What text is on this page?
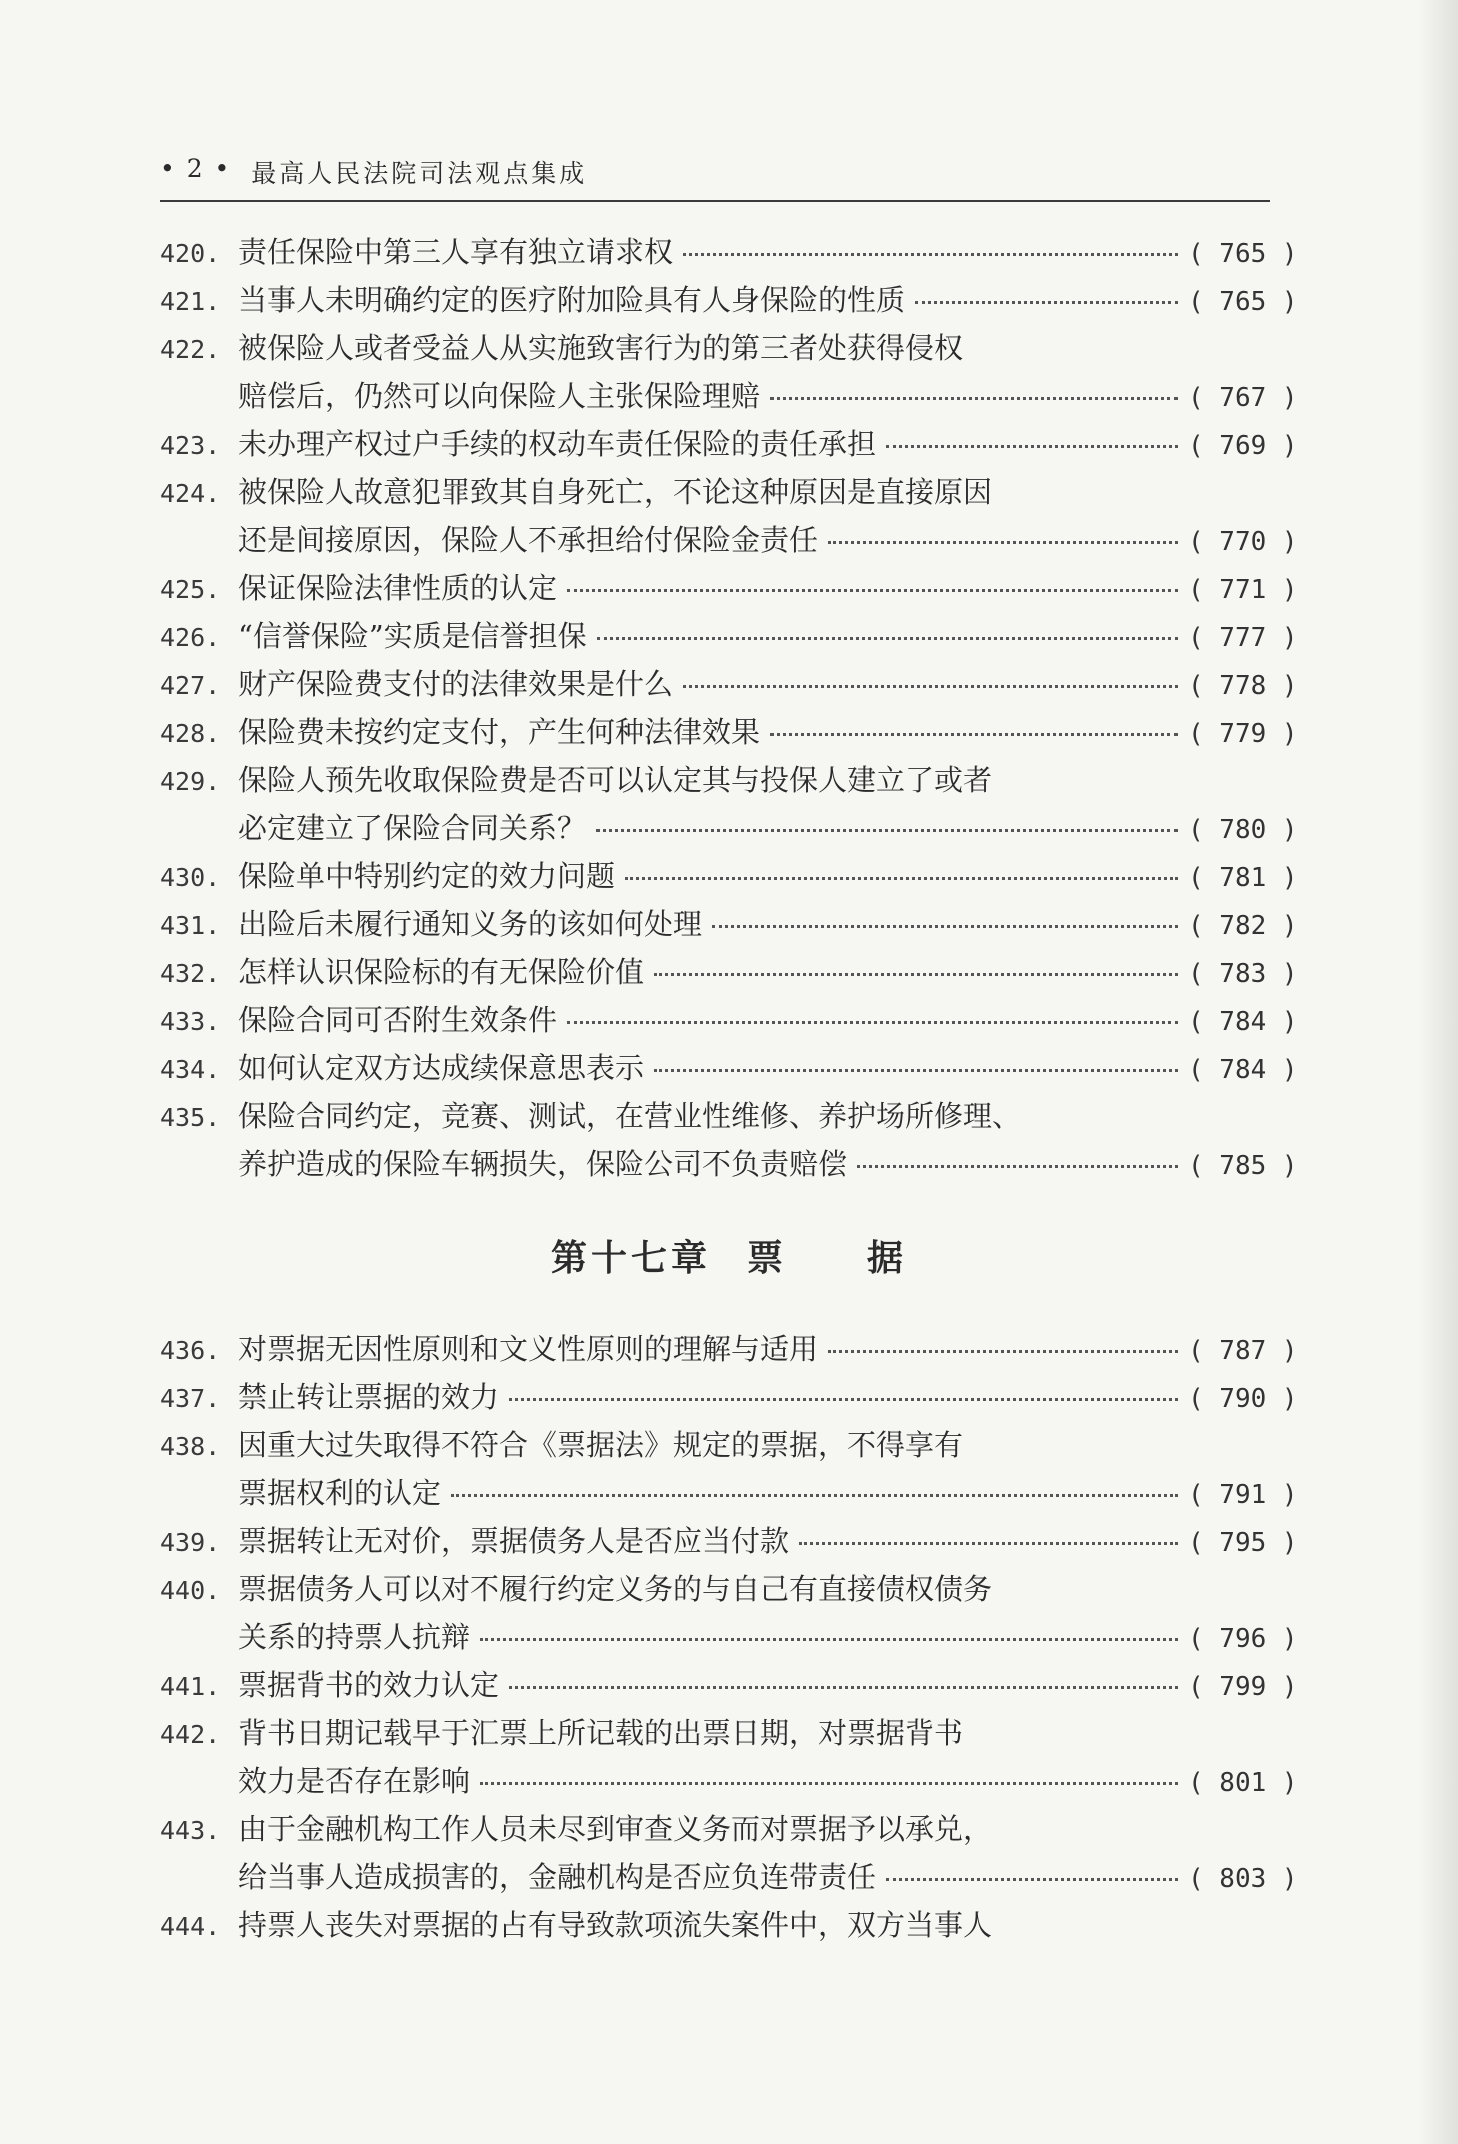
• 2 • 最高人民法院司法观点集成
420. 责任保险中第三人享有独立请求权	( 765 )
421. 当事人未明确约定的医疗附加险具有人身保险的性质	( 765 )
422. 被保险人或者受益人从实施致害行为的第三者处获得侵权
赔偿后，仍然可以向保险人主张保险理赔	( 767 )
423. 未办理产权过户手续的权动车责任保险的责任承担	( 769 )
424. 被保险人故意犯罪致其自身死亡，不论这种原因是直接原因
还是间接原因，保险人不承担给付保险金责任	( 770 )
425. 保证保险法律性质的认定	( 771 )
426. “信誉保险”实质是信誉担保	( 777 )
427. 财产保险费支付的法律效果是什么	( 778 )
428. 保险费未按约定支付，产生何种法律效果	( 779 )
429. 保险人预先收取保险费是否可以认定其与投保人建立了或者
必定建立了保险合同关系？	( 780 )
430. 保险单中特别约定的效力问题	( 781 )
431. 出险后未履行通知义务的该如何处理	( 782 )
432. 怎样认识保险标的有无保险价值	( 783 )
433. 保险合同可否附生效条件	( 784 )
434. 如何认定双方达成续保意思表示	( 784 )
435. 保险合同约定，竞赛、测试，在营业性维修、养护场所修理、
养护造成的保险车辆损失，保险公司不负责赔偿	( 785 )
第十七章 票　　据
436. 对票据无因性原则和文义性原则的理解与适用	( 787 )
437. 禁止转让票据的效力	( 790 )
438. 因重大过失取得不符合《票据法》规定的票据，不得享有
票据权利的认定	( 791 )
439. 票据转让无对价，票据债务人是否应当付款	( 795 )
440. 票据债务人可以对不履行约定义务的与自己有直接债权债务
关系的持票人抗辩	( 796 )
441. 票据背书的效力认定	( 799 )
442. 背书日期记载早于汇票上所记载的出票日期，对票据背书
效力是否存在影响	( 801 )
443. 由于金融机构工作人员未尽到审查义务而对票据予以承兑，
给当事人造成损害的，金融机构是否应负连带责任	( 803 )
444. 持票人丧失对票据的占有导致款项流失案件中，双方当事人
